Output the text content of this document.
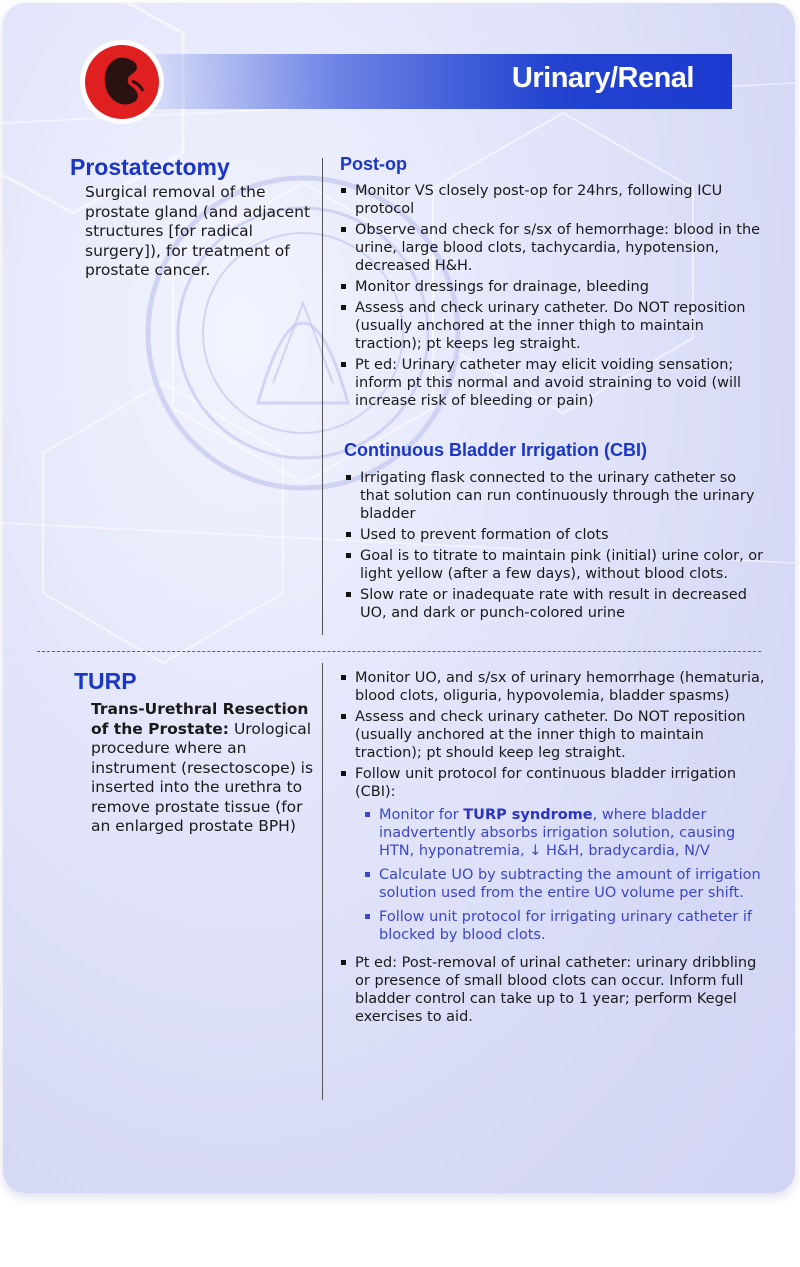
Urinary/Renal
Prostatectomy

Surgical removal of the prostate gland (and adjacent structures [for radical surgery]), for treatment of prostate cancer.

Post-op
Monitor VS closely post-op for 24hrs, following ICU protocol
Observe and check for s/sx of hemorrhage: blood in the urine, large blood clots, tachycardia, hypotension, decreased H&H.
Monitor dressings for drainage, bleeding
Assess and check urinary catheter. Do NOT reposition (usually anchored at the inner thigh to maintain traction); pt keeps leg straight.
Pt ed: Urinary catheter may elicit voiding sensation; inform pt this normal and avoid straining to void (will increase risk of bleeding or pain)
Continuous Bladder Irrigation (CBI)
Irrigating flask connected to the urinary catheter so that solution can run continuously through the urinary bladder
Used to prevent formation of clots
Goal is to titrate to maintain pink (initial) urine color, or light yellow (after a few days), without blood clots.
Slow rate or inadequate rate with result in decreased UO, and dark or punch-colored urine
TURP

Trans-Urethral Resection of the Prostate: Urological procedure where an instrument (resectoscope) is inserted into the urethra to remove prostate tissue (for an enlarged prostate BPH)

Monitor UO, and s/sx of urinary hemorrhage (hematuria, blood clots, oliguria, hypovolemia, bladder spasms)
Assess and check urinary catheter. Do NOT reposition (usually anchored at the inner thigh to maintain traction); pt should keep leg straight.
Follow unit protocol for continuous bladder irrigation (CBI):
Monitor for TURP syndrome, where bladder inadvertently absorbs irrigation solution, causing HTN, hyponatremia, ↓ H&H, bradycardia, N/V
Calculate UO by subtracting the amount of irrigation solution used from the entire UO volume per shift.
Follow unit protocol for irrigating urinary catheter if blocked by blood clots.
Pt ed: Post-removal of urinal catheter: urinary dribbling or presence of small blood clots can occur. Inform full bladder control can take up to 1 year; perform Kegel exercises to aid.
